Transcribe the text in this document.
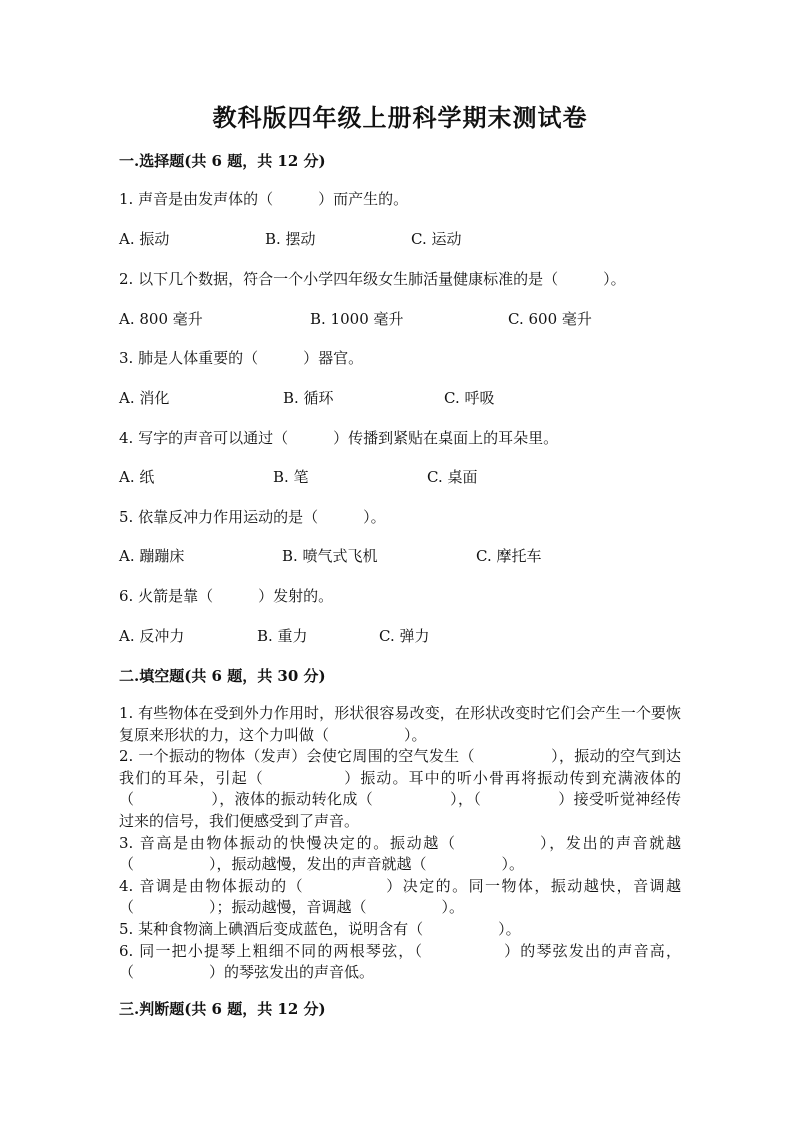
教科版四年级上册科学期末测试卷
一.选择题(共 6 题，共 12 分)
1. 声音是由发声体的（　　　）而产生的。
A. 振动	B. 摆动	C. 运动
2. 以下几个数据，符合一个小学四年级女生肺活量健康标准的是（　　　）。
A. 800 毫升	B. 1000 毫升	C. 600 毫升
3. 肺是人体重要的（　　　）器官。
A. 消化	B. 循环	C. 呼吸
4. 写字的声音可以通过（　　　）传播到紧贴在桌面上的耳朵里。
A. 纸	B. 笔	C. 桌面
5. 依靠反冲力作用运动的是（　　　）。
A. 蹦蹦床	B. 喷气式飞机	C. 摩托车
6. 火箭是靠（　　　）发射的。
A. 反冲力	B. 重力	C. 弹力
二.填空题(共 6 题，共 30 分)

1. 有些物体在受到外力作用时，形状很容易改变，在形状改变时它们会产生一个要恢复原来形状的力，这个力叫做（　　　　　）。

2. 一个振动的物体（发声）会使它周围的空气发生（　　　　　），振动的空气到达我们的耳朵，引起（　　　　　）振动。耳中的听小骨再将振动传到充满液体的（　　　　　），液体的振动转化成（　　　　　），（　　　　　）接受听觉神经传过来的信号，我们便感受到了声音。

3. 音高是由物体振动的快慢决定的。振动越（　　　　　），发出的声音就越（　　　　　），振动越慢，发出的声音就越（　　　　　）。

4. 音调是由物体振动的（　　　　　）决定的。同一物体，振动越快，音调越（　　　　　）；振动越慢，音调越（　　　　　）。

5. 某种食物滴上碘酒后变成蓝色，说明含有（　　　　　）。

6. 同一把小提琴上粗细不同的两根琴弦，（　　　　　）的琴弦发出的声音高，（　　　　　）的琴弦发出的声音低。

三.判断题(共 6 题，共 12 分)
